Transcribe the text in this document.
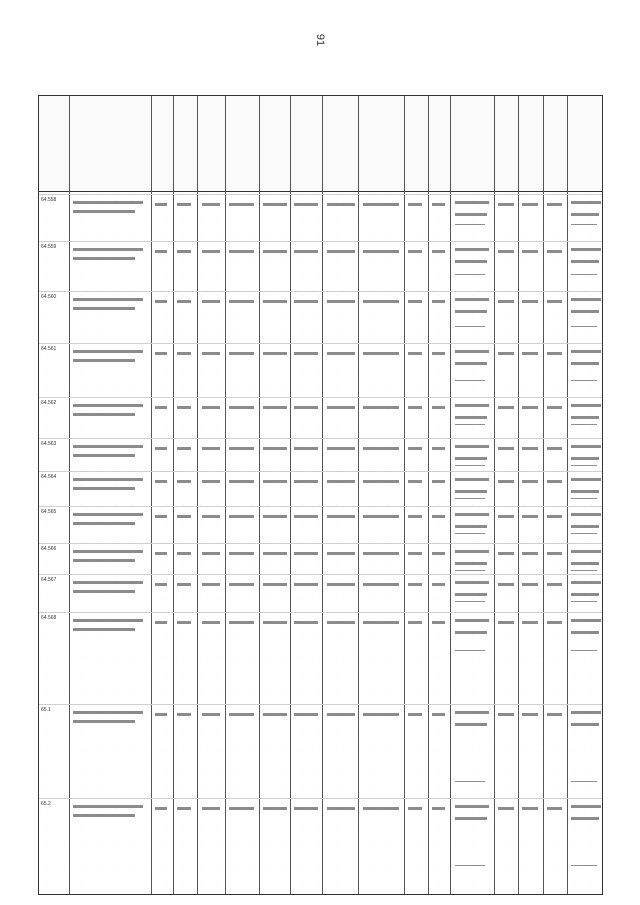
91
64.558
64.559
64.560
64.561
64.562
64.563
64.564
64.565
64.566
64.567
64.568
65.1
65.2
